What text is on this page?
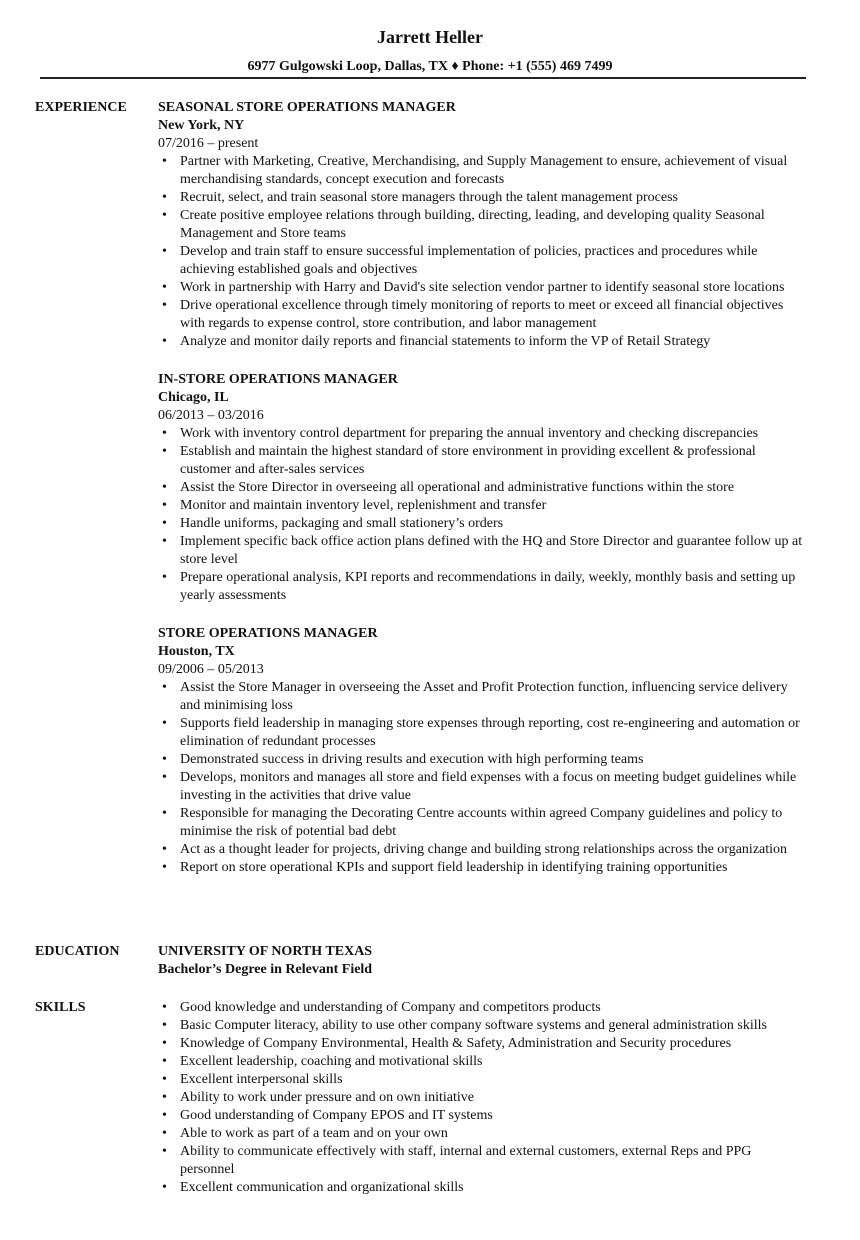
Jarrett Heller
6977 Gulgowski Loop, Dallas, TX ♦ Phone: +1 (555) 469 7499
EXPERIENCE SEASONAL STORE OPERATIONS MANAGER
New York, NY
07/2016 – present
• Partner with Marketing, Creative, Merchandising, and Supply Management to ensure, achievement of visual merchandising standards, concept execution and forecasts
• Recruit, select, and train seasonal store managers through the talent management process
• Create positive employee relations through building, directing, leading, and developing quality Seasonal Management and Store teams
• Develop and train staff to ensure successful implementation of policies, practices and procedures while achieving established goals and objectives
• Work in partnership with Harry and David's site selection vendor partner to identify seasonal store locations
• Drive operational excellence through timely monitoring of reports to meet or exceed all financial objectives with regards to expense control, store contribution, and labor management
• Analyze and monitor daily reports and financial statements to inform the VP of Retail Strategy
IN-STORE OPERATIONS MANAGER
Chicago, IL
06/2013 – 03/2016
• Work with inventory control department for preparing the annual inventory and checking discrepancies
• Establish and maintain the highest standard of store environment in providing excellent & professional customer and after-sales services
• Assist the Store Director in overseeing all operational and administrative functions within the store
• Monitor and maintain inventory level, replenishment and transfer
• Handle uniforms, packaging and small stationery’s orders
• Implement specific back office action plans defined with the HQ and Store Director and guarantee follow up at store level
• Prepare operational analysis, KPI reports and recommendations in daily, weekly, monthly basis and setting up yearly assessments
STORE OPERATIONS MANAGER
Houston, TX
09/2006 – 05/2013
• Assist the Store Manager in overseeing the Asset and Profit Protection function, influencing service delivery and minimising loss
• Supports field leadership in managing store expenses through reporting, cost re-engineering and automation or elimination of redundant processes
• Demonstrated success in driving results and execution with high performing teams
• Develops, monitors and manages all store and field expenses with a focus on meeting budget guidelines while investing in the activities that drive value
• Responsible for managing the Decorating Centre accounts within agreed Company guidelines and policy to minimise the risk of potential bad debt
• Act as a thought leader for projects, driving change and building strong relationships across the organization
• Report on store operational KPIs and support field leadership in identifying training opportunities
EDUCATION	UNIVERSITY OF NORTH TEXAS
Bachelor’s Degree in Relevant Field
SKILLS
•	Good knowledge and understanding of Company and competitors products
• Basic Computer literacy, ability to use other company software systems and general administration skills
• Knowledge of Company Environmental, Health & Safety, Administration and Security procedures
• Excellent leadership, coaching and motivational skills
• Excellent interpersonal skills
• Ability to work under pressure and on own initiative
• Good understanding of Company EPOS and IT systems
• Able to work as part of a team and on your own
• Ability to communicate effectively with staff, internal and external customers, external Reps and PPG personnel
• Excellent communication and organizational skills
